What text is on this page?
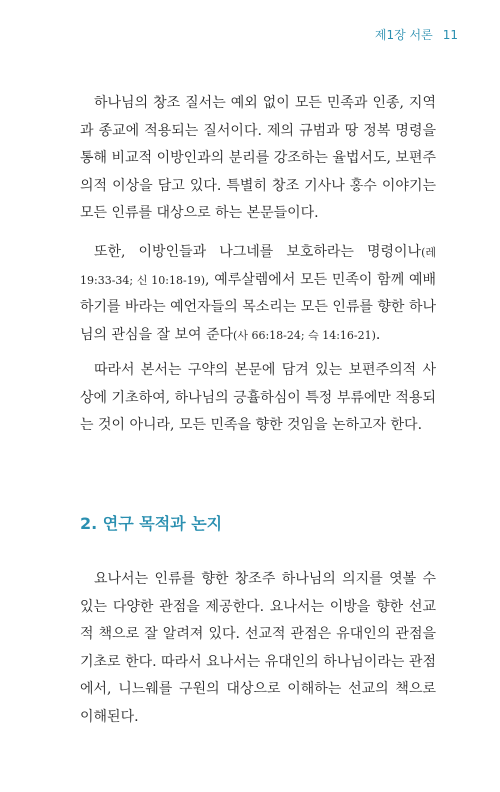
제1장 서론 11

하나님의 창조 질서는 예외 없이 모든 민족과 인종, 지역과 종교에 적용되는 질서이다. 제의 규범과 땅 정복 명령을 통해 비교적 이방인과의 분리를 강조하는 율법서도, 보편주의적 이상을 담고 있다. 특별히 창조 기사나 홍수 이야기는 모든 인류를 대상으로 하는 본문들이다.

또한, 이방인들과 나그네를 보호하라는 명령이나(레 19:33-34; 신 10:18-19), 예루살렘에서 모든 민족이 함께 예배하기를 바라는 예언자들의 목소리는 모든 인류를 향한 하나님의 관심을 잘 보여 준다(사 66:18-24; 슥 14:16-21).

따라서 본서는 구약의 본문에 담겨 있는 보편주의적 사상에 기초하여, 하나님의 긍휼하심이 특정 부류에만 적용되는 것이 아니라, 모든 민족을 향한 것임을 논하고자 한다.

2. 연구 목적과 논지

요나서는 인류를 향한 창조주 하나님의 의지를 엿볼 수 있는 다양한 관점을 제공한다. 요나서는 이방을 향한 선교적 책으로 잘 알려져 있다. 선교적 관점은 유대인의 관점을 기초로 한다. 따라서 요나서는 유대인의 하나님이라는 관점에서, 니느웨를 구원의 대상으로 이해하는 선교의 책으로 이해된다.
